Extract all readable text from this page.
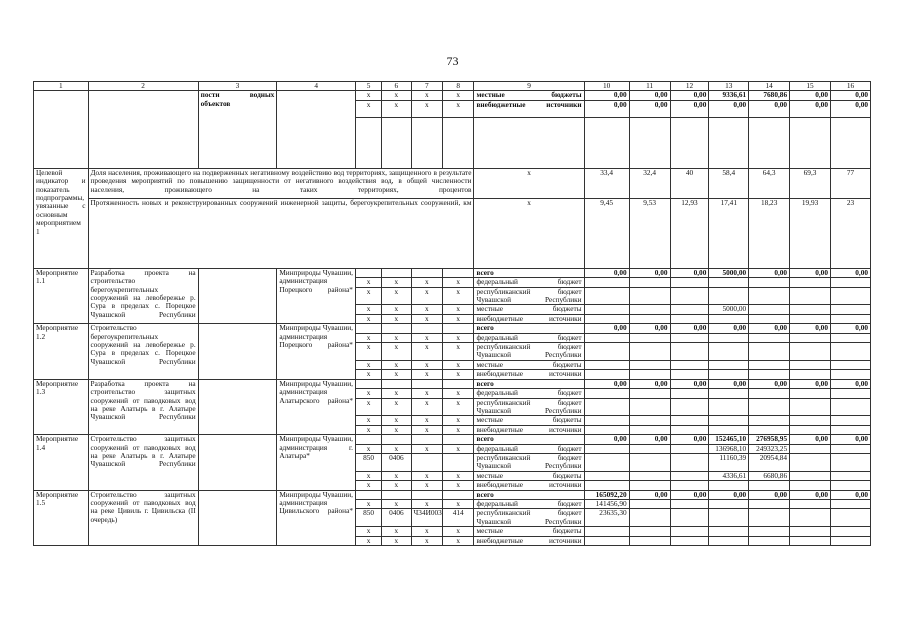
73
1	2	3	4	5	6	7	8	9	10	11	12	13	14	15	16
		пости водных объектов		x	x	x	x	местные бюджеты	0,00	0,00	0,00	9336,61	7680,86	0,00	0,00
				x	x	x	x	внебюджетные источники	0,00	0,00	0,00	0,00	0,00	0,00	0,00

Целевой индикатор и показатель подпрограммы, увязанные с основным мероприятием 1	Доля населения, проживающего на подверженных негативному воздействию вод территориях, защищенного в результате проведения мероприятий по повышению защищенности от негативного воздействия вод, в общей численности населения, проживающего на таких территориях, процентов							x	33,4	32,4	40	58,4	64,3	69,3	77
	Протяженность новых и реконструированных сооружений инженерной защиты, берегоукрепительных сооружений, км							x	9,45	9,53	12,93	17,41	18,23	19,93	23
Мероприятие 1.1	Разработка проекта на строительство берегоукрепительных сооружений на левобережье р. Сура в пределах с. Порецкое Чувашской Республики		Минприроды Чувашии, администрация Порецкого района*					всего	0,00	0,00	0,00	5000,00	0,00	0,00	0,00
				x	x	x	x	федеральный бюджет							
				x	x	x	x	республиканский бюджет Чувашской Республики							
				x	x	x	x	местные бюджеты				5000,00			
				x	x	x	x	внебюджетные источники							
Мероприятие 1.2	Строительство берегоукрепительных сооружений на левобережье р. Сура в пределах с. Порецкое Чувашской Республики		Минприроды Чувашии, администрация Порецкого района*					всего	0,00	0,00	0,00	0,00	0,00	0,00	0,00
				x	x	x	x	федеральный бюджет							
				x	x	x	x	республиканский бюджет Чувашской Республики							
				x	x	x	x	местные бюджеты							
				x	x	x	x	внебюджетные источники							
Мероприятие 1.3	Разработка проекта на строительство защитных сооружений от паводковых вод на реке Алатырь в г. Алатыре Чувашской Республики		Минприроды Чувашии, администрация Алатырского района*					всего	0,00	0,00	0,00	0,00	0,00	0,00	0,00
				x	x	x	x	федеральный бюджет							
				x	x	x	x	республиканский бюджет Чувашской Республики							
				x	x	x	x	местные бюджеты							
				x	x	x	x	внебюджетные источники							
Мероприятие 1.4	Строительство защитных сооружений от паводковых вод на реке Алатырь в г. Алатыре Чувашской Республики		Минприроды Чувашии, администрация г. Алатыра*					всего	0,00	0,00	0,00	152465,10	276958,95	0,00	0,00
				x	x	x	x	федеральный бюджет				136968,10	249323,25		
				850	0406			республиканский бюджет Чувашской Республики				11160,39	20954,84		
				x	x	x	x	местные бюджеты				4336,61	6680,86		
				x	x	x	x	внебюджетные источники							
Мероприятие 1.5	Строительство защитных сооружений от паводковых вод на реке Цивиль г. Цивильска (II очередь)		Минприроды Чувашии, администрация Цивильского района*					всего	165092,20	0,00	0,00	0,00	0,00	0,00	0,00
				x	x	x	x	федеральный бюджет	141456,90						
				850	0406	Ч34И003	414	республиканский бюджет Чувашской Республики	23635,30						
				x	x	x	x	местные бюджеты							
				x	x	x	x	внебюджетные источники							
